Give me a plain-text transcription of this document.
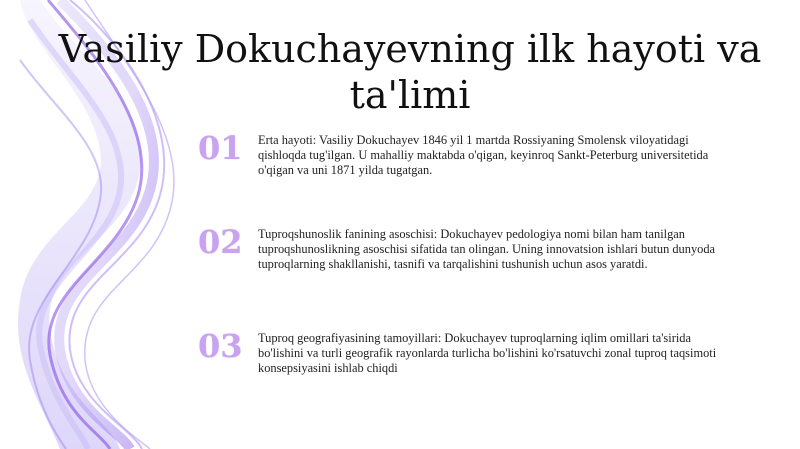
Vasiliy Dokuchayevning ilk hayoti va ta'limi
01	Erta hayoti: Vasiliy Dokuchayev 1846 yil 1 martda Rossiyaning Smolensk viloyatidagi qishloqda tug'ilgan. U mahalliy maktabda o'qigan, keyinroq Sankt-Peterburg universitetida o'qigan va uni 1871 yilda tugatgan.
02	Tuproqshunoslik fanining asoschisi: Dokuchayev pedologiya nomi bilan ham tanilgan tuproqshunoslikning asoschisi sifatida tan olingan. Uning innovatsion ishlari butun dunyoda tuproqlarning shakllanishi, tasnifi va tarqalishini tushunish uchun asos yaratdi.
03	Tuproq geografiyasining tamoyillari: Dokuchayev tuproqlarning iqlim omillari ta'sirida bo'lishini va turli geografik rayonlarda turlicha bo'lishini ko'rsatuvchi zonal tuproq taqsimoti konsepsiyasini ishlab chiqdi
